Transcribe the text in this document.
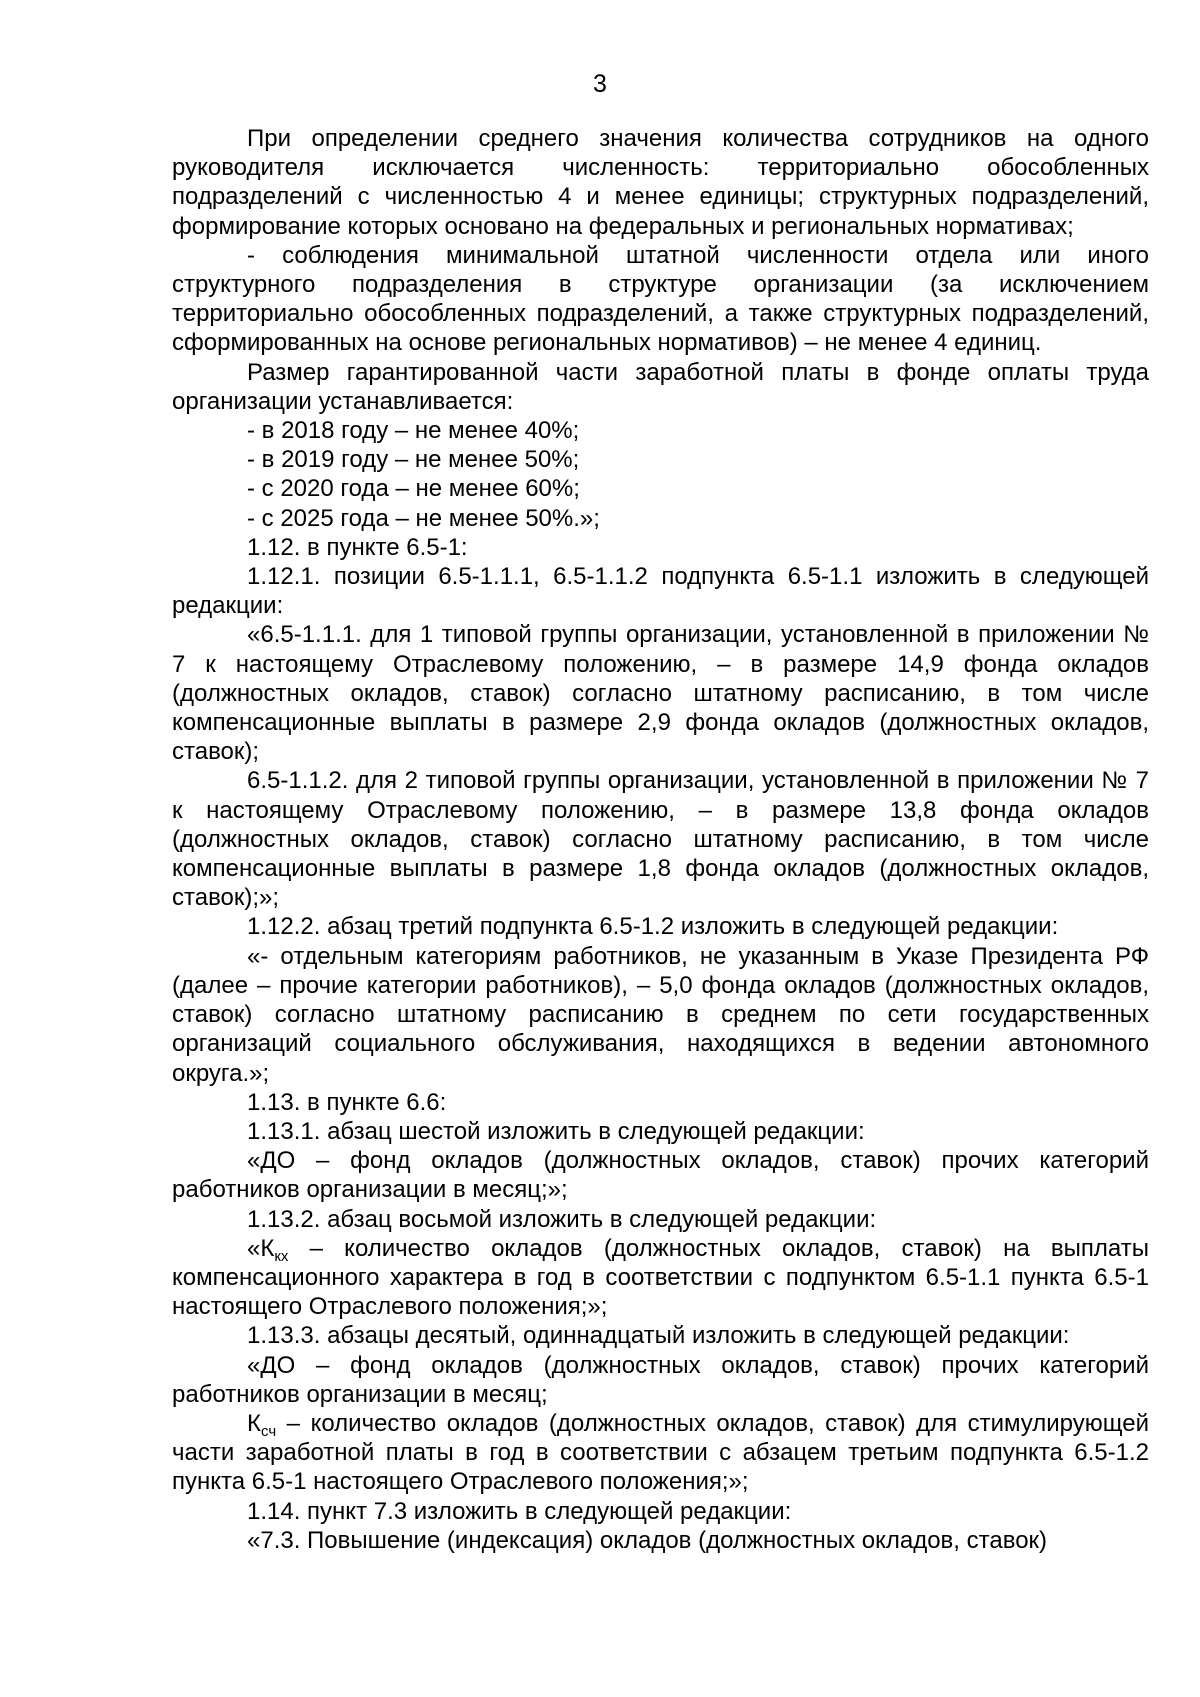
3

При определении среднего значения количества сотрудников на одного руководителя исключается численность: территориально обособленных подразделений с численностью 4 и менее единицы; структурных подразделений, формирование которых основано на федеральных и региональных нормативах;

- соблюдения минимальной штатной численности отдела или иного структурного подразделения в структуре организации (за исключением территориально обособленных подразделений, а также структурных подразделений, сформированных на основе региональных нормативов) – не менее 4 единиц.

Размер гарантированной части заработной платы в фонде оплаты труда организации устанавливается:

- в 2018 году – не менее 40%;

- в 2019 году – не менее 50%;

- с 2020 года – не менее 60%;

- с 2025 года – не менее 50%.»;

1.12. в пункте 6.5-1:

1.12.1. позиции 6.5-1.1.1, 6.5-1.1.2 подпункта 6.5-1.1 изложить в следующей редакции:

«6.5-1.1.1. для 1 типовой группы организации, установленной в приложении № 7 к настоящему Отраслевому положению, – в размере 14,9 фонда окладов (должностных окладов, ставок) согласно штатному расписанию, в том числе компенсационные выплаты в размере 2,9 фонда окладов (должностных окладов, ставок);

6.5-1.1.2. для 2 типовой группы организации, установленной в приложении № 7 к настоящему Отраслевому положению, – в размере 13,8 фонда окладов (должностных окладов, ставок) согласно штатному расписанию, в том числе компенсационные выплаты в размере 1,8 фонда окладов (должностных окладов, ставок);»;

1.12.2. абзац третий подпункта 6.5-1.2 изложить в следующей редакции:

«- отдельным категориям работников, не указанным в Указе Президента РФ (далее – прочие категории работников), – 5,0 фонда окладов (должностных окладов, ставок) согласно штатному расписанию в среднем по сети государственных организаций социального обслуживания, находящихся в ведении автономного округа.»;

1.13. в пункте 6.6:

1.13.1. абзац шестой изложить в следующей редакции:

«ДО – фонд окладов (должностных окладов, ставок) прочих категорий работников организации в месяц;»;

1.13.2. абзац восьмой изложить в следующей редакции:

«$К_{кх}$ – количество окладов (должностных окладов, ставок) на выплаты компенсационного характера в год в соответствии с подпунктом 6.5-1.1 пункта 6.5-1 настоящего Отраслевого положения;»;

1.13.3. абзацы десятый, одиннадцатый изложить в следующей редакции:

«ДО – фонд окладов (должностных окладов, ставок) прочих категорий работников организации в месяц;

$К_{сч}$ – количество окладов (должностных окладов, ставок) для стимулирующей части заработной платы в год в соответствии с абзацем третьим подпункта 6.5-1.2 пункта 6.5-1 настоящего Отраслевого положения;»;

1.14. пункт 7.3 изложить в следующей редакции:

«7.3. Повышение (индексация) окладов (должностных окладов, ставок)
